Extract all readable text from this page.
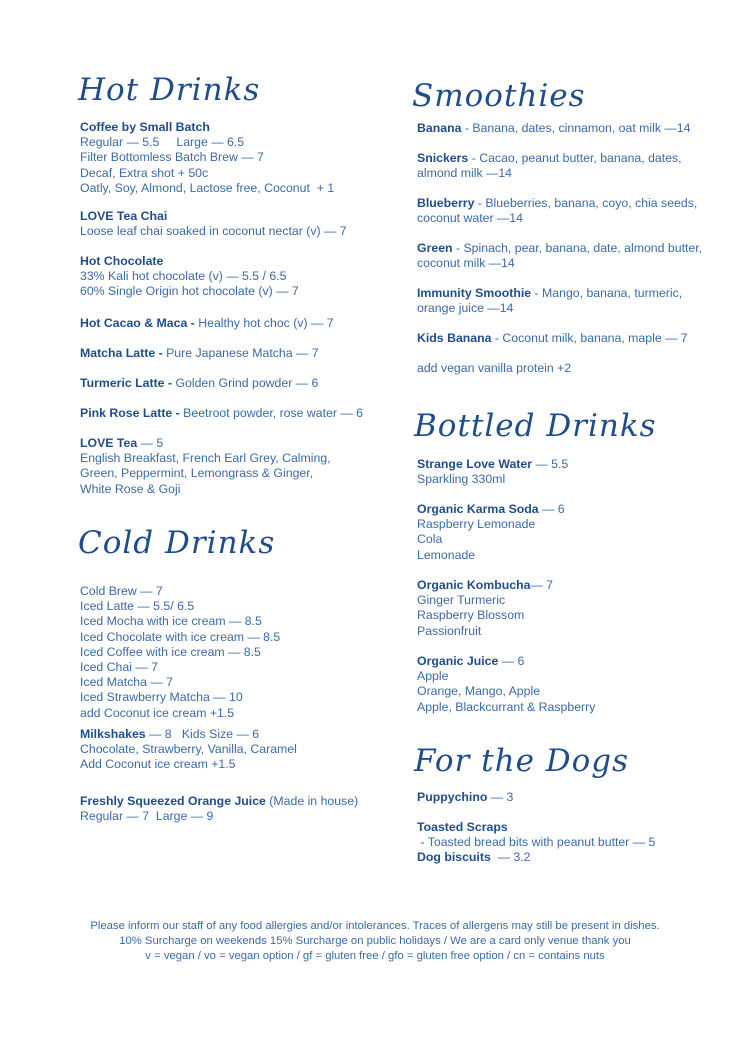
Hot Drinks
Cold Drinks
Smoothies
Bottled Drinks
For the Dogs
Coffee by Small Batch
Regular — 5.5     Large — 6.5
Filter Bottomless Batch Brew — 7
Decaf, Extra shot + 50c
Oatly, Soy, Almond, Lactose free, Coconut  + 1
LOVE Tea Chai
Loose leaf chai soaked in coconut nectar (v) — 7
Hot Chocolate
33% Kali hot chocolate (v) — 5.5 / 6.5
60% Single Origin hot chocolate (v) — 7
Hot Cacao & Maca - Healthy hot choc (v) — 7
Matcha Latte - Pure Japanese Matcha — 7
Turmeric Latte - Golden Grind powder — 6
Pink Rose Latte - Beetroot powder, rose water — 6
LOVE Tea — 5
English Breakfast, French Earl Grey, Calming,
Green, Peppermint, Lemongrass & Ginger,
White Rose & Goji
Cold Brew — 7
Iced Latte — 5.5/ 6.5
Iced Mocha with ice cream — 8.5
Iced Chocolate with ice cream — 8.5
Iced Coffee with ice cream — 8.5
Iced Chai — 7
Iced Matcha — 7
Iced Strawberry Matcha — 10
add Coconut ice cream +1.5
Milkshakes — 8   Kids Size — 6
Chocolate, Strawberry, Vanilla, Caramel
Add Coconut ice cream +1.5
Freshly Squeezed Orange Juice (Made in house)
Regular — 7  Large — 9
Banana - Banana, dates, cinnamon, oat milk —14
Snickers - Cacao, peanut butter, banana, dates,
almond milk —14
Blueberry - Blueberries, banana, coyo, chia seeds,
coconut water —14
Green - Spinach, pear, banana, date, almond butter,
coconut milk —14
Immunity Smoothie - Mango, banana, turmeric,
orange juice —14
Kids Banana - Coconut milk, banana, maple — 7
add vegan vanilla protein +2
Strange Love Water — 5.5
Sparkling 330ml
Organic Karma Soda — 6
Raspberry Lemonade
Cola
Lemonade
Organic Kombucha— 7
Ginger Turmeric
Raspberry Blossom
Passionfruit
Organic Juice — 6
Apple
Orange, Mango, Apple
Apple, Blackcurrant & Raspberry
Puppychino — 3
Toasted Scraps - Toasted bread bits with peanut butter — 5
Dog biscuits  — 3.2
Please inform our staff of any food allergies and/or intolerances. Traces of allergens may still be present in dishes.
10% Surcharge on weekends 15% Surcharge on public holidays / We are a card only venue thank you
v = vegan / vo = vegan option / gf = gluten free / gfo = gluten free option / cn = contains nuts
